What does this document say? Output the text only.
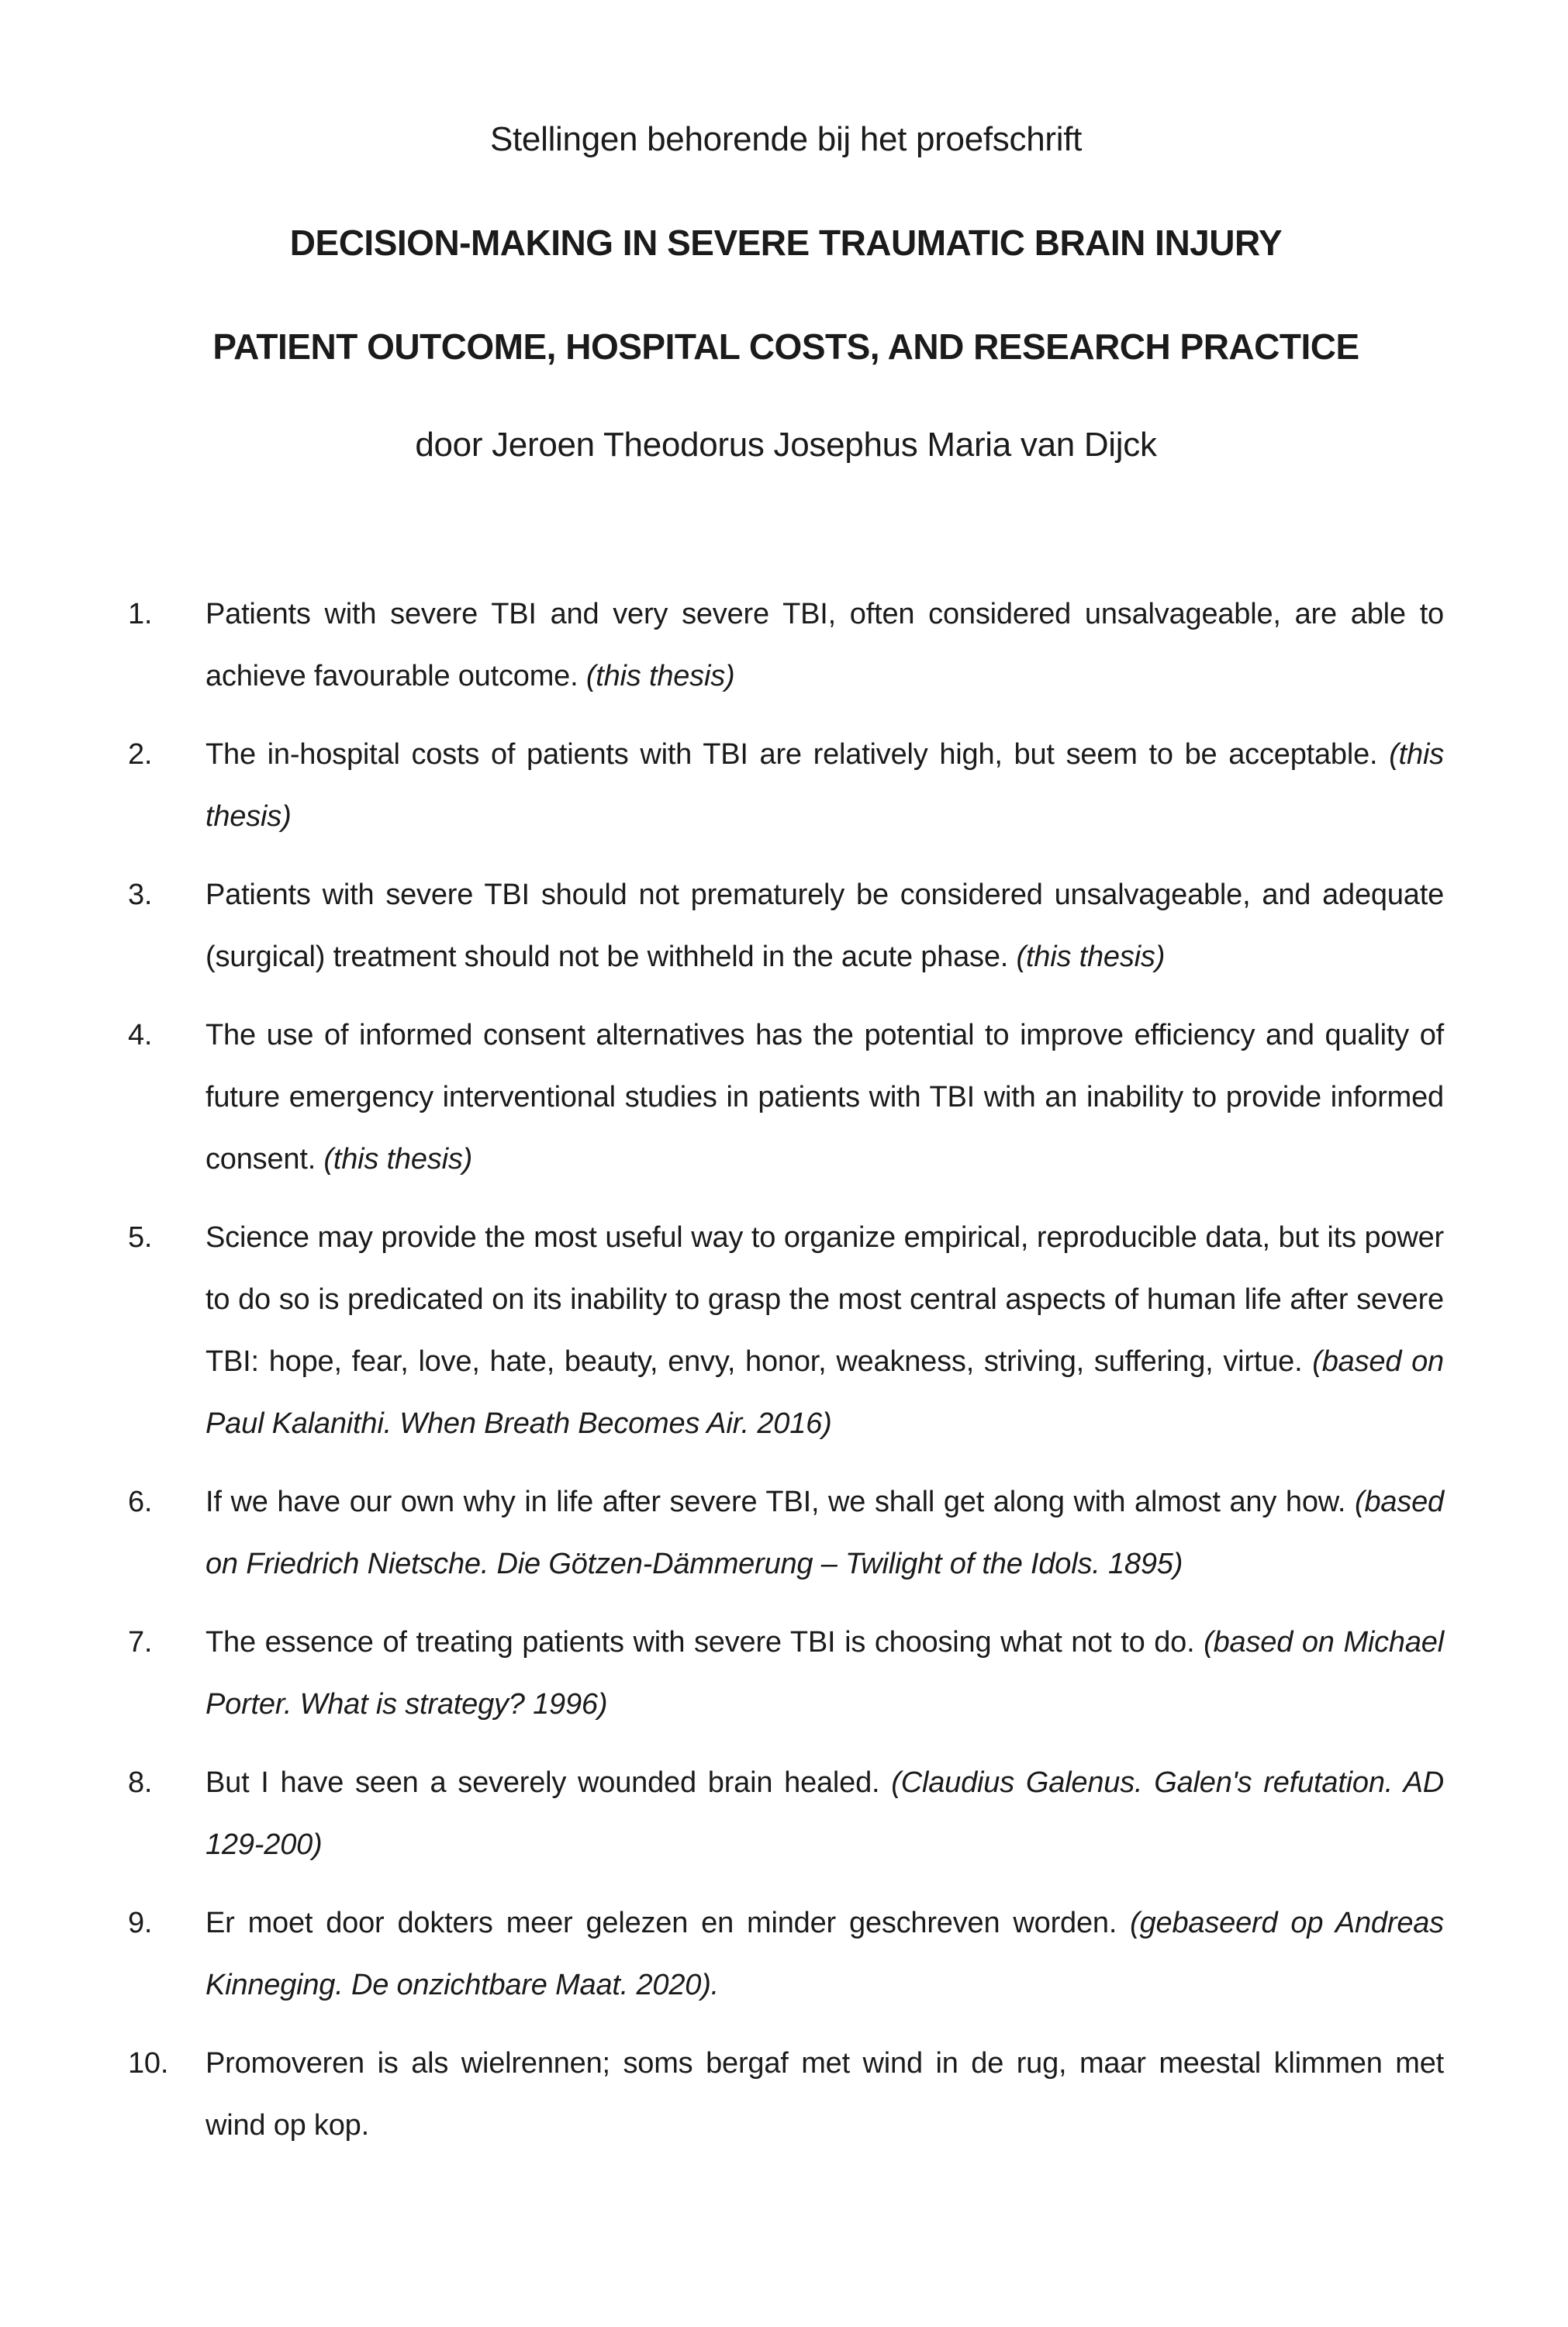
Stellingen behorende bij het proefschrift
DECISION-MAKING IN SEVERE TRAUMATIC BRAIN INJURY
PATIENT OUTCOME, HOSPITAL COSTS, AND RESEARCH PRACTICE
door Jeroen Theodorus Josephus Maria van Dijck
1.	Patients with severe TBI and very severe TBI, often considered unsalvageable, are able to achieve favourable outcome. (this thesis)
2.	The in-hospital costs of patients with TBI are relatively high, but seem to be acceptable. (this thesis)
3.	Patients with severe TBI should not prematurely be considered unsalvageable, and adequate (surgical) treatment should not be withheld in the acute phase. (this thesis)
4.	The use of informed consent alternatives has the potential to improve efficiency and quality of future emergency interventional studies in patients with TBI with an inability to provide informed consent. (this thesis)
5.	Science may provide the most useful way to organize empirical, reproducible data, but its power to do so is predicated on its inability to grasp the most central aspects of human life after severe TBI: hope, fear, love, hate, beauty, envy, honor, weakness, striving, suffering, virtue. (based on Paul Kalanithi. When Breath Becomes Air. 2016)
6.	If we have our own why in life after severe TBI, we shall get along with almost any how. (based on Friedrich Nietsche. Die Götzen-Dämmerung – Twilight of the Idols. 1895)
7.	The essence of treating patients with severe TBI is choosing what not to do. (based on Michael Porter. What is strategy? 1996)
8.	But I have seen a severely wounded brain healed. (Claudius Galenus. Galen's refutation. AD 129-200)
9.	Er moet door dokters meer gelezen en minder geschreven worden. (gebaseerd op Andreas Kinneging. De onzichtbare Maat. 2020).
10.	Promoveren is als wielrennen; soms bergaf met wind in de rug, maar meestal klimmen met wind op kop.
